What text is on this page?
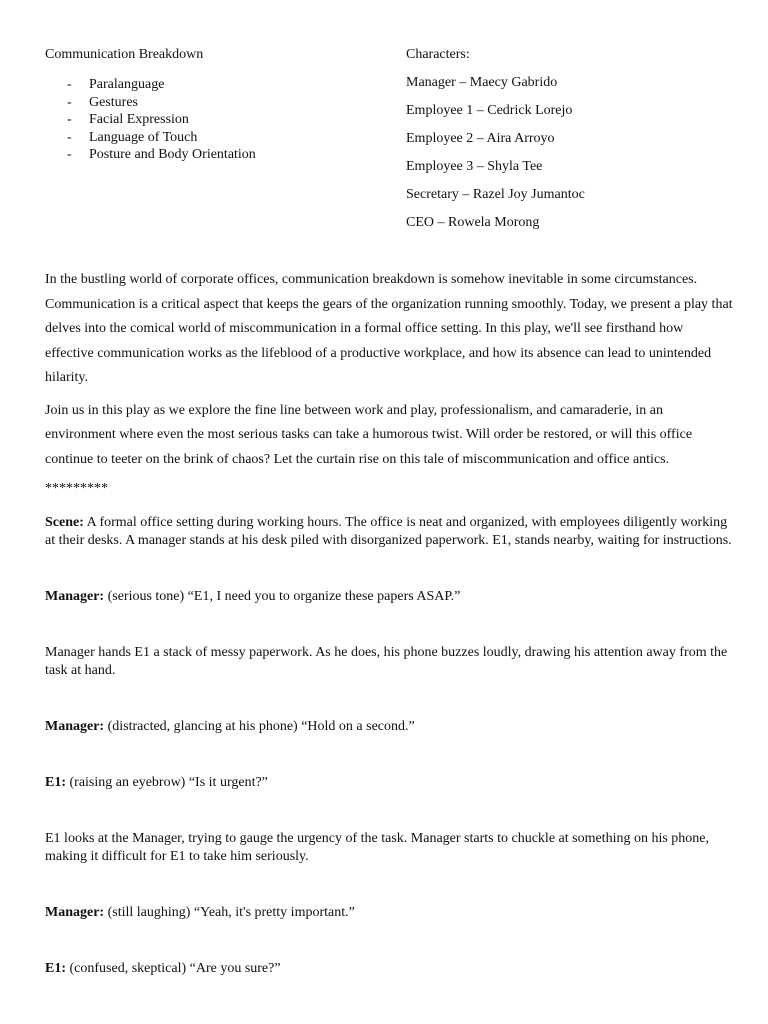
Communication Breakdown
- Paralanguage
- Gestures
- Facial Expression
- Language of Touch
- Posture and Body Orientation
Characters:
Manager – Maecy Gabrido
Employee 1 – Cedrick Lorejo
Employee 2 – Aira Arroyo
Employee 3 – Shyla Tee
Secretary – Razel Joy Jumantoc
CEO – Rowela Morong

In the bustling world of corporate offices, communication breakdown is somehow inevitable in some circumstances. Communication is a critical aspect that keeps the gears of the organization running smoothly. Today, we present a play that delves into the comical world of miscommunication in a formal office setting. In this play, we'll see firsthand how effective communication works as the lifeblood of a productive workplace, and how its absence can lead to unintended hilarity.

Join us in this play as we explore the fine line between work and play, professionalism, and camaraderie, in an environment where even the most serious tasks can take a humorous twist. Will order be restored, or will this office continue to teeter on the brink of chaos? Let the curtain rise on this tale of miscommunication and office antics.

*********

Scene: A formal office setting during working hours. The office is neat and organized, with employees diligently working at their desks. A manager stands at his desk piled with disorganized paperwork. E1, stands nearby, waiting for instructions.

Manager: (serious tone) “E1, I need you to organize these papers ASAP.”

Manager hands E1 a stack of messy paperwork. As he does, his phone buzzes loudly, drawing his attention away from the task at hand.

Manager: (distracted, glancing at his phone) “Hold on a second.”

E1: (raising an eyebrow) “Is it urgent?”

E1 looks at the Manager, trying to gauge the urgency of the task. Manager starts to chuckle at something on his phone, making it difficult for E1 to take him seriously.

Manager: (still laughing) “Yeah, it's pretty important.”

E1: (confused, skeptical) “Are you sure?”
